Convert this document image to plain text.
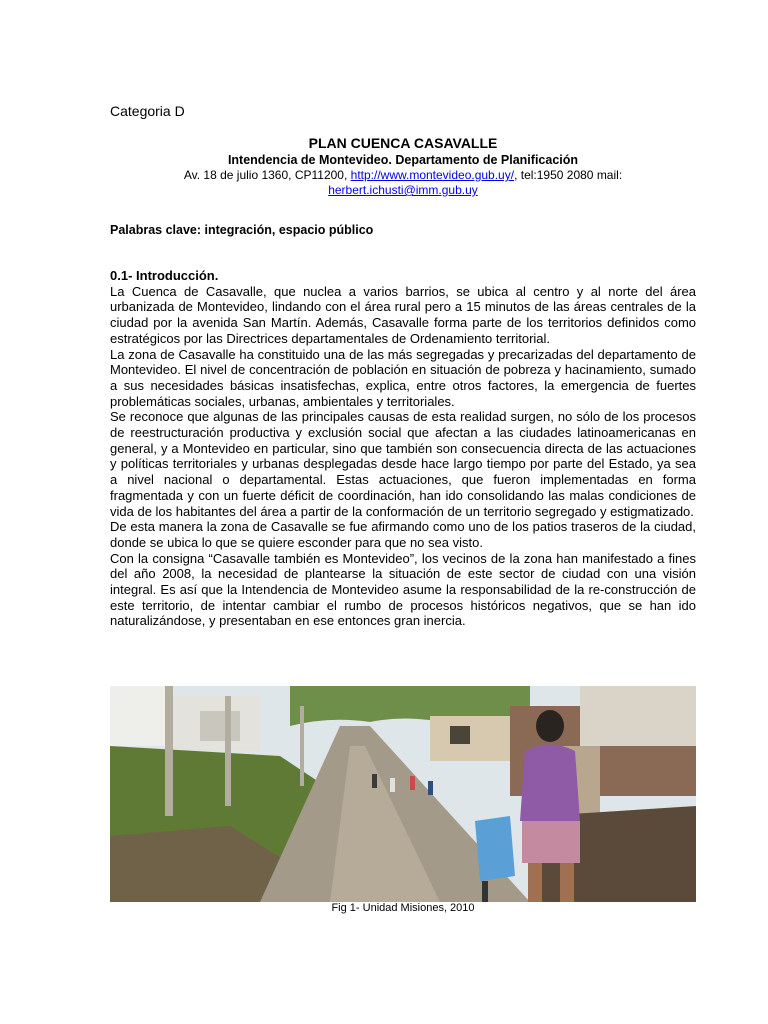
Categoria D
PLAN CUENCA CASAVALLE
Intendencia de Montevideo. Departamento de Planificación
Av. 18 de julio 1360, CP11200, http://www.montevideo.gub.uy/, tel:1950 2080 mail:
herbert.ichusti@imm.gub.uy
Palabras clave: integración, espacio público
0.1- Introducción.

La Cuenca de Casavalle, que nuclea a varios barrios, se ubica al centro y al norte del área urbanizada de Montevideo, lindando con el área rural pero a 15 minutos de las áreas centrales de la ciudad por la avenida San Martín. Además, Casavalle forma parte de los territorios definidos como estratégicos por las Directrices departamentales de Ordenamiento territorial.

La zona de Casavalle ha constituido una de las más segregadas y precarizadas del departamento de Montevideo. El nivel de concentración de población en situación de pobreza y hacinamiento, sumado a sus necesidades básicas insatisfechas, explica, entre otros factores, la emergencia de fuertes problemáticas sociales, urbanas, ambientales y territoriales.

Se reconoce que algunas de las principales causas de esta realidad surgen, no sólo de los procesos de reestructuración productiva y exclusión social que afectan a las ciudades latinoamericanas en general, y a Montevideo en particular, sino que también son consecuencia directa de las actuaciones y políticas territoriales y urbanas desplegadas desde hace largo tiempo por parte del Estado, ya sea a nivel nacional o departamental. Estas actuaciones, que fueron implementadas en forma fragmentada y con un fuerte déficit de coordinación, han ido consolidando las malas condiciones de vida de los habitantes del área a partir de la conformación de un territorio segregado y estigmatizado.

De esta manera la zona de Casavalle se fue afirmando como uno de los patios traseros de la ciudad, donde se ubica lo que se quiere esconder para que no sea visto.

Con la consigna “Casavalle también es Montevideo”, los vecinos de la zona han manifestado a fines del año 2008, la necesidad de plantearse la situación de este sector de ciudad con una visión integral. Es así que la Intendencia de Montevideo asume la responsabilidad de la re-construcción de este territorio, de intentar cambiar el rumbo de procesos históricos negativos, que se han ido naturalizándose, y presentaban en ese entonces gran inercia.

Fig 1- Unidad Misiones, 2010
